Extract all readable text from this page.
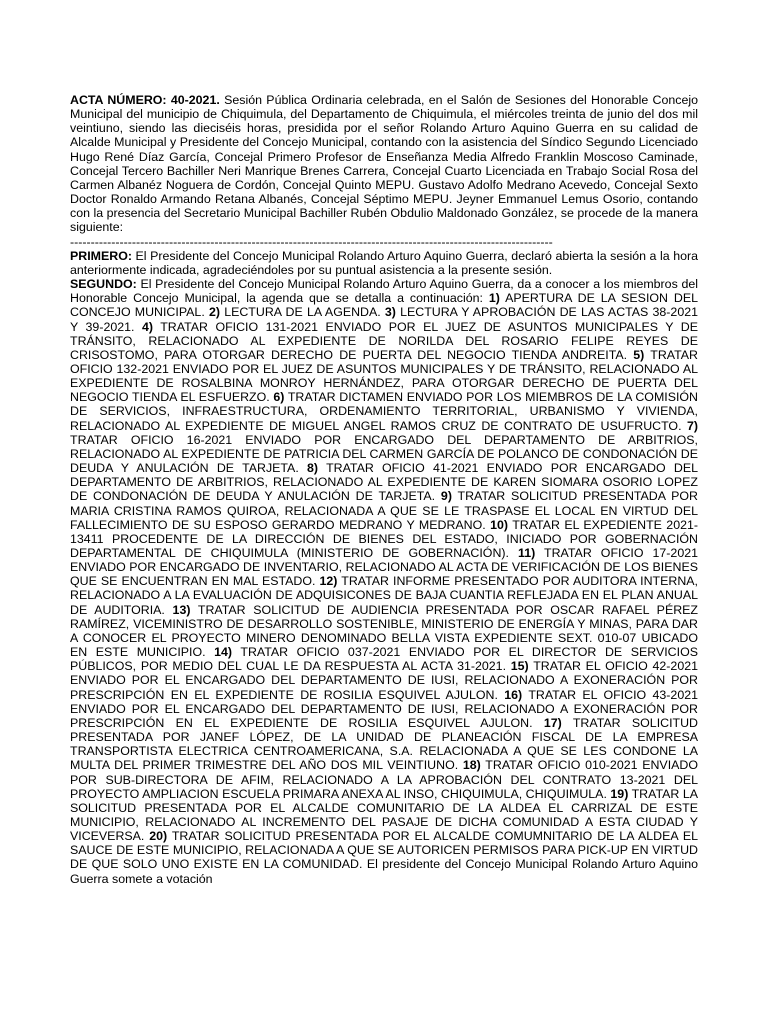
ACTA NÚMERO: 40-2021. Sesión Pública Ordinaria celebrada, en el Salón de Sesiones del Honorable Concejo Municipal del municipio de Chiquimula, del Departamento de Chiquimula, el miércoles treinta de junio del dos mil veintiuno, siendo las dieciséis horas, presidida por el señor Rolando Arturo Aquino Guerra en su calidad de Alcalde Municipal y Presidente del Concejo Municipal, contando con la asistencia del Síndico Segundo Licenciado Hugo René Díaz García, Concejal Primero Profesor de Enseñanza Media Alfredo Franklin Moscoso Caminade, Concejal Tercero Bachiller Neri Manrique Brenes Carrera, Concejal Cuarto Licenciada en Trabajo Social Rosa del Carmen Albanéz Noguera de Cordón, Concejal Quinto MEPU. Gustavo Adolfo Medrano Acevedo, Concejal Sexto Doctor Ronaldo Armando Retana Albanés, Concejal Séptimo MEPU. Jeyner Emmanuel Lemus Osorio, contando con la presencia del Secretario Municipal Bachiller Rubén Obdulio Maldonado González, se procede de la manera siguiente:

---------------------------------------------------------------------------------------------------------------------

PRIMERO: El Presidente del Concejo Municipal Rolando Arturo Aquino Guerra, declaró abierta la sesión a la hora anteriormente indicada, agradeciéndoles por su puntual asistencia a la presente sesión.

SEGUNDO: El Presidente del Concejo Municipal Rolando Arturo Aquino Guerra, da a conocer a los miembros del Honorable Concejo Municipal, la agenda que se detalla a continuación: 1) APERTURA DE LA SESION DEL CONCEJO MUNICIPAL. 2) LECTURA DE LA AGENDA. 3) LECTURA Y APROBACIÓN DE LAS ACTAS 38-2021 Y 39-2021. 4) TRATAR OFICIO 131-2021 ENVIADO POR EL JUEZ DE ASUNTOS MUNICIPALES Y DE TRÁNSITO, RELACIONADO AL EXPEDIENTE DE NORILDA DEL ROSARIO FELIPE REYES DE CRISOSTOMO, PARA OTORGAR DERECHO DE PUERTA DEL NEGOCIO TIENDA ANDREITA. 5) TRATAR OFICIO 132-2021 ENVIADO POR EL JUEZ DE ASUNTOS MUNICIPALES Y DE TRÁNSITO, RELACIONADO AL EXPEDIENTE DE ROSALBINA MONROY HERNÁNDEZ, PARA OTORGAR DERECHO DE PUERTA DEL NEGOCIO TIENDA EL ESFUERZO. 6) TRATAR DICTAMEN ENVIADO POR LOS MIEMBROS DE LA COMISIÓN DE SERVICIOS, INFRAESTRUCTURA, ORDENAMIENTO TERRITORIAL, URBANISMO Y VIVIENDA, RELACIONADO AL EXPEDIENTE DE MIGUEL ANGEL RAMOS CRUZ DE CONTRATO DE USUFRUCTO. 7) TRATAR OFICIO 16-2021 ENVIADO POR ENCARGADO DEL DEPARTAMENTO DE ARBITRIOS, RELACIONADO AL EXPEDIENTE DE PATRICIA DEL CARMEN GARCÍA DE POLANCO DE CONDONACIÓN DE DEUDA Y ANULACIÓN DE TARJETA. 8) TRATAR OFICIO 41-2021 ENVIADO POR ENCARGADO DEL DEPARTAMENTO DE ARBITRIOS, RELACIONADO AL EXPEDIENTE DE KAREN SIOMARA OSORIO LOPEZ DE CONDONACIÓN DE DEUDA Y ANULACIÓN DE TARJETA. 9) TRATAR SOLICITUD PRESENTADA POR MARIA CRISTINA RAMOS QUIROA, RELACIONADA A QUE SE LE TRASPASE EL LOCAL EN VIRTUD DEL FALLECIMIENTO DE SU ESPOSO GERARDO MEDRANO Y MEDRANO. 10) TRATAR EL EXPEDIENTE 2021-13411 PROCEDENTE DE LA DIRECCIÓN DE BIENES DEL ESTADO, INICIADO POR GOBERNACIÓN DEPARTAMENTAL DE CHIQUIMULA (MINISTERIO DE GOBERNACIÓN). 11) TRATAR OFICIO 17-2021 ENVIADO POR ENCARGADO DE INVENTARIO, RELACIONADO AL ACTA DE VERIFICACIÓN DE LOS BIENES QUE SE ENCUENTRAN EN MAL ESTADO. 12) TRATAR INFORME PRESENTADO POR AUDITORA INTERNA, RELACIONADO A LA EVALUACIÓN DE ADQUISICONES DE BAJA CUANTIA REFLEJADA EN EL PLAN ANUAL DE AUDITORIA. 13) TRATAR SOLICITUD DE AUDIENCIA PRESENTADA POR OSCAR RAFAEL PÉREZ RAMÍREZ, VICEMINISTRO DE DESARROLLO SOSTENIBLE, MINISTERIO DE ENERGÍA Y MINAS, PARA DAR A CONOCER EL PROYECTO MINERO DENOMINADO BELLA VISTA EXPEDIENTE SEXT. 010-07 UBICADO EN ESTE MUNICIPIO. 14) TRATAR OFICIO 037-2021 ENVIADO POR EL DIRECTOR DE SERVICIOS PÚBLICOS, POR MEDIO DEL CUAL LE DA RESPUESTA AL ACTA 31-2021. 15) TRATAR EL OFICIO 42-2021 ENVIADO POR EL ENCARGADO DEL DEPARTAMENTO DE IUSI, RELACIONADO A EXONERACIÓN POR PRESCRIPCIÓN EN EL EXPEDIENTE DE ROSILIA ESQUIVEL AJULON. 16) TRATAR EL OFICIO 43-2021 ENVIADO POR EL ENCARGADO DEL DEPARTAMENTO DE IUSI, RELACIONADO A EXONERACIÓN POR PRESCRIPCIÓN EN EL EXPEDIENTE DE ROSILIA ESQUIVEL AJULON. 17) TRATAR SOLICITUD PRESENTADA POR JANEF LÓPEZ, DE LA UNIDAD DE PLANEACIÓN FISCAL DE LA EMPRESA TRANSPORTISTA ELECTRICA CENTROAMERICANA, S.A. RELACIONADA A QUE SE LES CONDONE LA MULTA DEL PRIMER TRIMESTRE DEL AÑO DOS MIL VEINTIUNO. 18) TRATAR OFICIO 010-2021 ENVIADO POR SUB-DIRECTORA DE AFIM, RELACIONADO A LA APROBACIÓN DEL CONTRATO 13-2021 DEL PROYECTO AMPLIACION ESCUELA PRIMARA ANEXA AL INSO, CHIQUIMULA, CHIQUIMULA. 19) TRATAR LA SOLICITUD PRESENTADA POR EL ALCALDE COMUNITARIO DE LA ALDEA EL CARRIZAL DE ESTE MUNICIPIO, RELACIONADO AL INCREMENTO DEL PASAJE DE DICHA COMUNIDAD A ESTA CIUDAD Y VICEVERSA. 20) TRATAR SOLICITUD PRESENTADA POR EL ALCALDE COMUMNITARIO DE LA ALDEA EL SAUCE DE ESTE MUNICIPIO, RELACIONADA A QUE SE AUTORICEN PERMISOS PARA PICK-UP EN VIRTUD DE QUE SOLO UNO EXISTE EN LA COMUNIDAD. El presidente del Concejo Municipal Rolando Arturo Aquino Guerra somete a votación
